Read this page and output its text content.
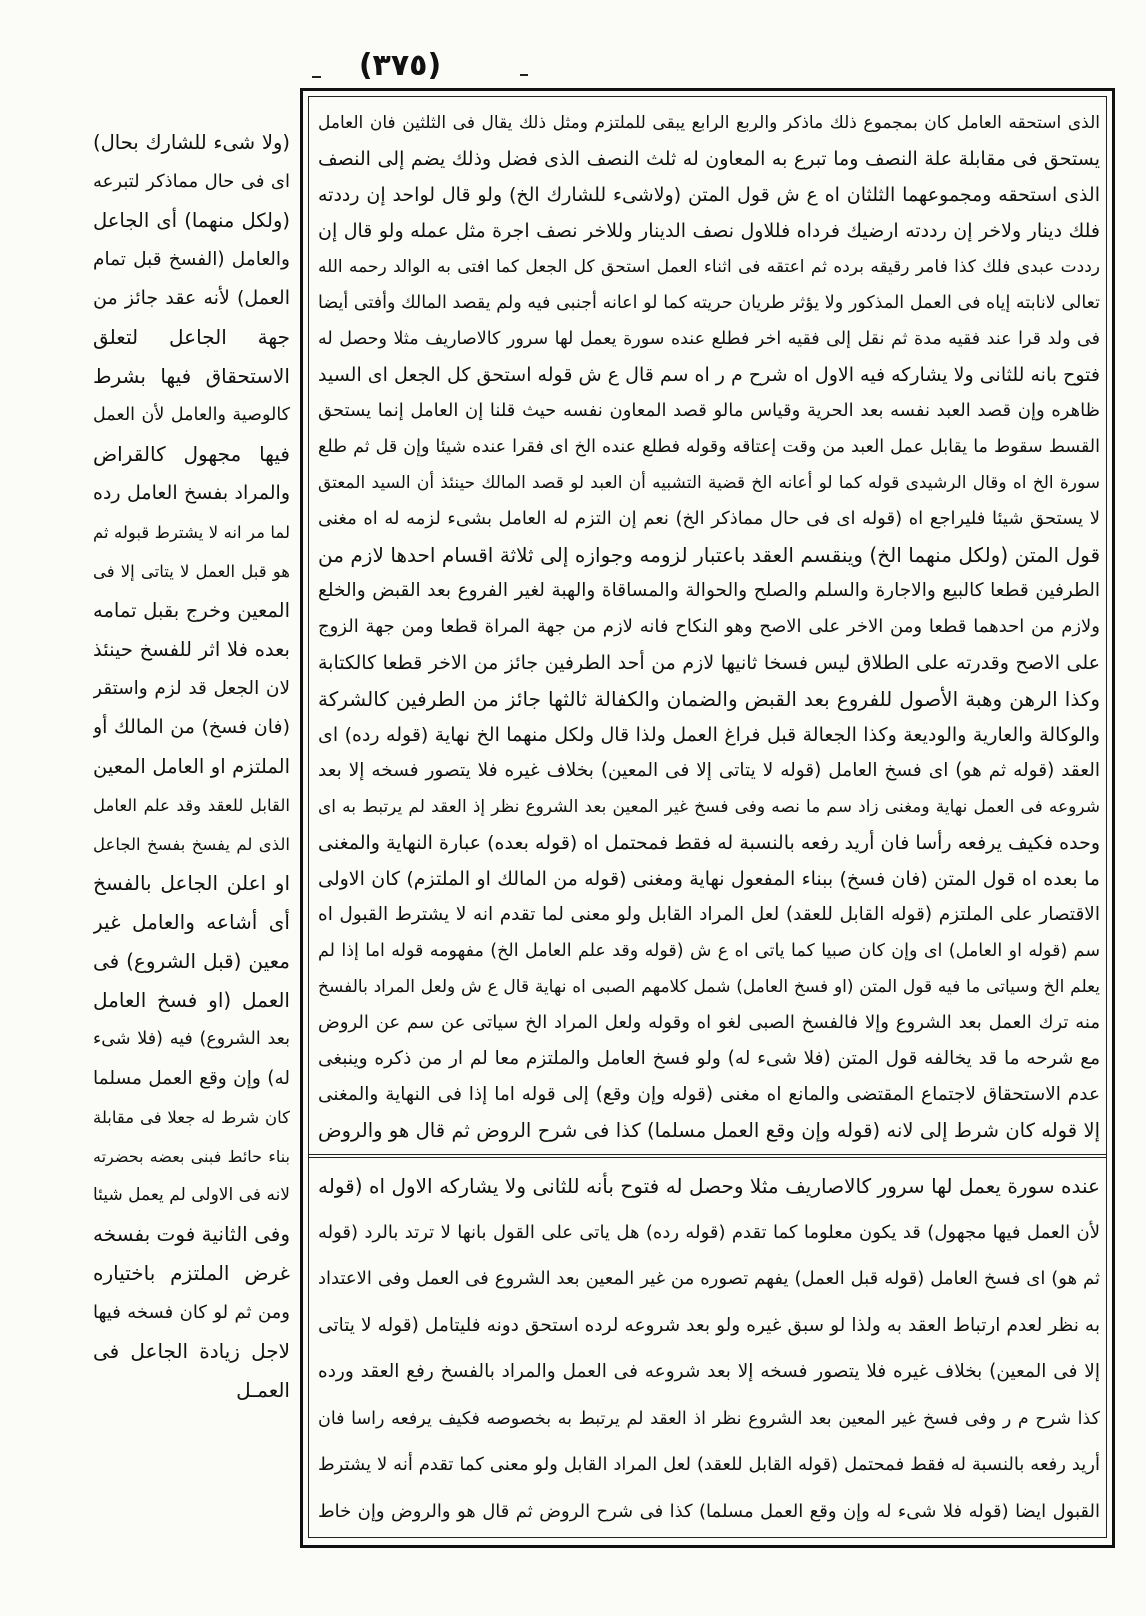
(٣٧٥)
الذى استحقه العامل كان بمجموع ذلك ماذكر والربع الرابع يبقى للملتزم ومثل ذلك يقال فى الثلثين فان العامل
يستحق فى مقابلة علة النصف وما تبرع به المعاون له ثلث النصف الذى فضل وذلك يضم إلى النصف
الذى استحقه ومجموعهما الثلثان اه ع ش قول المتن (ولاشىء للشارك الخ) ولو قال لواحد إن رددته
فلك دينار ولاخر إن رددته ارضيك فرداه فللاول نصف الدينار وللاخر نصف اجرة مثل عمله ولو قال إن
رددت عبدى فلك كذا فامر رقيقه برده ثم اعتقه فى اثناء العمل استحق كل الجعل كما افتى به الوالد رحمه الله
تعالى لانابته إياه فى العمل المذكور ولا يؤثر طريان حريته كما لو اعانه أجنبى فيه ولم يقصد المالك وأفتى أيضا
فى ولد قرا عند فقيه مدة ثم نقل إلى فقيه اخر فطلع عنده سورة يعمل لها سرور كالاصاريف مثلا وحصل له
فتوح بانه للثانى ولا يشاركه فيه الاول اه شرح م ر اه سم قال ع ش قوله استحق كل الجعل اى السيد
ظاهره وإن قصد العبد نفسه بعد الحرية وقياس مالو قصد المعاون نفسه حيث قلنا إن العامل إنما يستحق
القسط سقوط ما يقابل عمل العبد من وقت إعتاقه وقوله فطلع عنده الخ اى فقرا عنده شيئا وإن قل ثم طلع
سورة الخ اه وقال الرشيدى قوله كما لو أعانه الخ قضية التشبيه أن العبد لو قصد المالك حينئذ أن السيد المعتق
لا يستحق شيئا فليراجع اه (قوله اى فى حال مماذكر الخ) نعم إن التزم له العامل بشىء لزمه له اه مغنى
قول المتن (ولكل منهما الخ) وينقسم العقد باعتبار لزومه وجوازه إلى ثلاثة اقسام احدها لازم من
الطرفين قطعا كالبيع والاجارة والسلم والصلح والحوالة والمساقاة والهبة لغير الفروع بعد القبض والخلع
ولازم من احدهما قطعا ومن الاخر على الاصح وهو النكاح فانه لازم من جهة المراة قطعا ومن جهة الزوج
على الاصح وقدرته على الطلاق ليس فسخا ثانيها لازم من أحد الطرفين جائز من الاخر قطعا كالكتابة
وكذا الرهن وهبة الأصول للفروع بعد القبض والضمان والكفالة ثالثها جائز من الطرفين كالشركة
والوكالة والعارية والوديعة وكذا الجعالة قبل فراغ العمل ولذا قال ولكل منهما الخ نهاية (قوله رده) اى
العقد (قوله ثم هو) اى فسخ العامل (قوله لا يتاتى إلا فى المعين) بخلاف غيره فلا يتصور فسخه إلا بعد
شروعه فى العمل نهاية ومغنى زاد سم ما نصه وفى فسخ غير المعين بعد الشروع نظر إذ العقد لم يرتبط به اى
وحده فكيف يرفعه رأسا فان أريد رفعه بالنسبة له فقط فمحتمل اه (قوله بعده) عبارة النهاية والمغنى
ما بعده اه قول المتن (فان فسخ) ببناء المفعول نهاية ومغنى (قوله من المالك او الملتزم) كان الاولى
الاقتصار على الملتزم (قوله القابل للعقد) لعل المراد القابل ولو معنى لما تقدم انه لا يشترط القبول اه
سم (قوله او العامل) اى وإن كان صبيا كما ياتى اه ع ش (قوله وقد علم العامل الخ) مفهومه قوله اما إذا لم
يعلم الخ وسياتى ما فيه قول المتن (او فسخ العامل) شمل كلامهم الصبى اه نهاية قال ع ش ولعل المراد بالفسخ
منه ترك العمل بعد الشروع وإلا فالفسخ الصبى لغو اه وقوله ولعل المراد الخ سياتى عن سم عن الروض
مع شرحه ما قد يخالفه قول المتن (فلا شىء له) ولو فسخ العامل والملتزم معا لم ار من ذكره وينبغى
عدم الاستحقاق لاجتماع المقتضى والمانع اه مغنى (قوله وإن وقع) إلى قوله اما إذا فى النهاية والمغنى
إلا قوله كان شرط إلى لانه (قوله وإن وقع العمل مسلما) كذا فى شرح الروض ثم قال هو والروض
عنده سورة يعمل لها سرور كالاصاريف مثلا وحصل له فتوح بأنه للثانى ولا يشاركه الاول اه (قوله
لأن العمل فيها مجهول) قد يكون معلوما كما تقدم (قوله رده) هل ياتى على القول بانها لا ترتد بالرد (قوله
ثم هو) اى فسخ العامل (قوله قبل العمل) يفهم تصوره من غير المعين بعد الشروع فى العمل وفى الاعتداد
به نظر لعدم ارتباط العقد به ولذا لو سبق غيره ولو بعد شروعه لرده استحق دونه فليتامل (قوله لا يتاتى
إلا فى المعين) بخلاف غيره فلا يتصور فسخه إلا بعد شروعه فى العمل والمراد بالفسخ رفع العقد ورده
كذا شرح م ر وفى فسخ غير المعين بعد الشروع نظر اذ العقد لم يرتبط به بخصوصه فكيف يرفعه راسا فان
أريد رفعه بالنسبة له فقط فمحتمل (قوله القابل للعقد) لعل المراد القابل ولو معنى كما تقدم أنه لا يشترط
القبول ايضا (قوله فلا شىء له وإن وقع العمل مسلما) كذا فى شرح الروض ثم قال هو والروض وإن خاط
(ولا شىء للشارك بحال)
اى فى حال مماذكر لتبرعه
(ولكل منهما) أى الجاعل
والعامل (الفسخ قبل تمام
العمل) لأنه عقد جائز من
جهة الجاعل لتعلق
الاستحقاق فيها بشرط
كالوصية والعامل لأن العمل
فيها مجهول كالقراض
والمراد بفسخ العامل رده
لما مر انه لا يشترط قبوله ثم
هو قبل العمل لا يتاتى إلا فى
المعين وخرج بقبل تمامه
بعده فلا اثر للفسخ حينئذ
لان الجعل قد لزم واستقر
(فان فسخ) من المالك أو
الملتزم او العامل المعين
القابل للعقد وقد علم العامل
الذى لم يفسخ بفسخ الجاعل
او اعلن الجاعل بالفسخ
أى أشاعه والعامل غير
معين (قبل الشروع) فى
العمل (او فسخ العامل
بعد الشروع) فيه (فلا شىء
له) وإن وقع العمل مسلما
كان شرط له جعلا فى مقابلة
بناء حائط فبنى بعضه بحضرته
لانه فى الاولى لم يعمل شيئا
وفى الثانية فوت بفسخه
غرض الملتزم باختياره
ومن ثم لو كان فسخه فيها
لاجل زيادة الجاعل فى
العمـل
